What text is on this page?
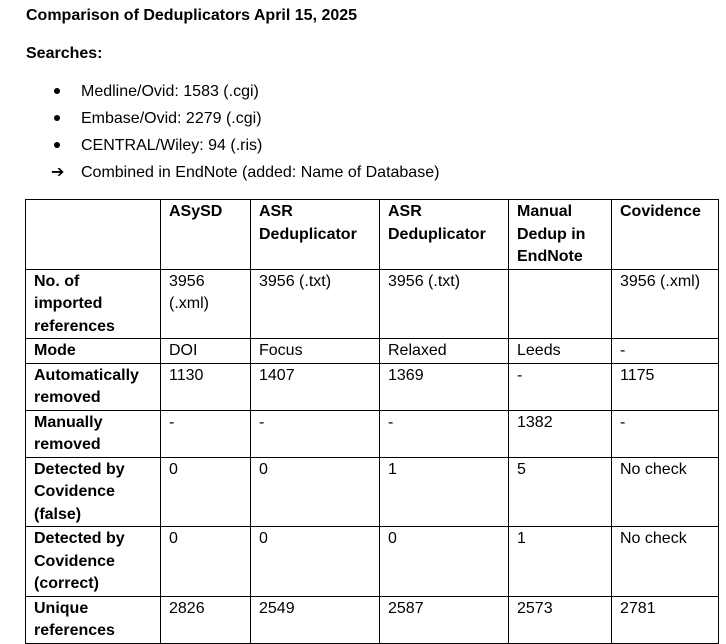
Comparison of Deduplicators April 15, 2025

Searches:

Medline/Ovid: 1583 (.cgi)
Embase/Ovid: 2279 (.cgi)
CENTRAL/Wiley: 94 (.ris)
➔	Combined in EndNote (added: Name of Database)
	ASySD	ASR Deduplicator	ASR Deduplicator	Manual Dedup in EndNote	Covidence
No. of imported references	3956 (.xml)	3956 (.txt)	3956 (.txt)		3956 (.xml)
Mode	DOI	Focus	Relaxed	Leeds	-
Automatically removed	1130	1407	1369	-	1175
Manually removed	-	-	-	1382	-
Detected by Covidence (false)	0	0	1	5	No check
Detected by Covidence (correct)	0	0	0	1	No check
Unique references	2826	2549	2587	2573	2781
